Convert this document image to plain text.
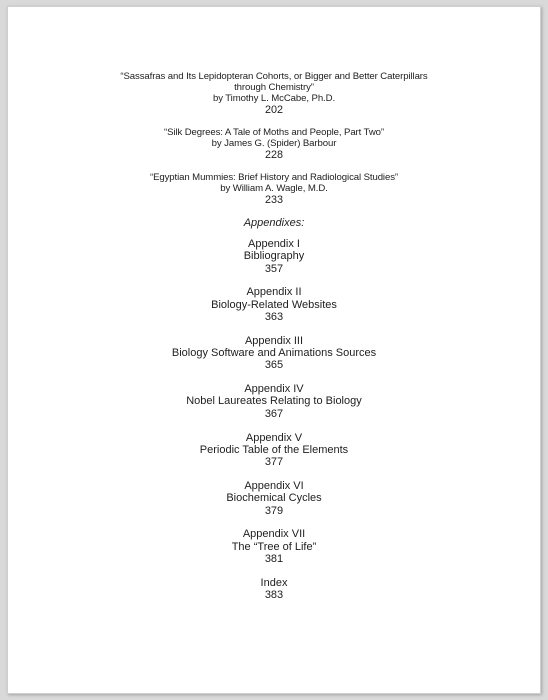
“Sassafras and Its Lepidopteran Cohorts, or Bigger and Better Caterpillars
through Chemistry”
by Timothy L. McCabe, Ph.D.
202
“Silk Degrees: A Tale of Moths and People, Part Two”
by James G. (Spider) Barbour
228
“Egyptian Mummies: Brief History and Radiological Studies”
by William A. Wagle, M.D.
233
Appendixes:
Appendix I
Bibliography
357
Appendix II
Biology-Related Websites
363
Appendix III
Biology Software and Animations Sources
365
Appendix IV
Nobel Laureates Relating to Biology
367
Appendix V
Periodic Table of the Elements
377
Appendix VI
Biochemical Cycles
379
Appendix VII
The “Tree of Life”
381
Index
383
